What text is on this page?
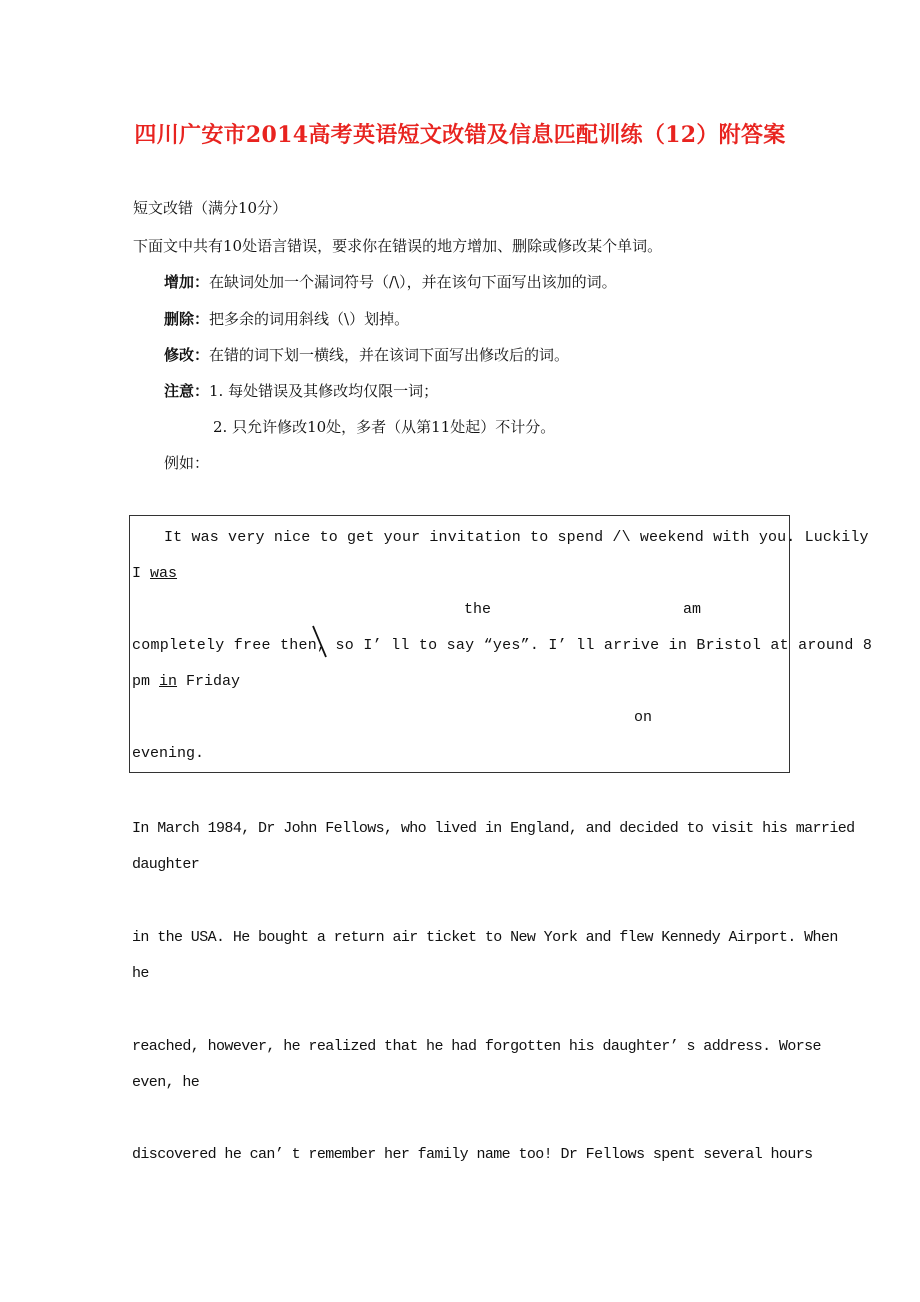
四川广安市2014高考英语短文改错及信息匹配训练（12）附答案
短文改错（满分10分）
下面文中共有10处语言错误，要求你在错误的地方增加、删除或修改某个单词。
增加：在缺词处加一个漏词符号（/\），并在该句下面写出该加的词。
删除：把多余的词用斜线（\）划掉。
修改：在错的词下划一横线，并在该词下面写出修改后的词。
注意：1. 每处错误及其修改均仅限一词；
2. 只允许修改10处，多者（从第11处起）不计分。
例如：
It was very nice to get your invitation to spend /\ weekend with you. Luckily
I was
the	am
completely free then, so I’ ll to say “yes”. I’ ll arrive in Bristol at around 8
pm in Friday
on
evening.
In March 1984, Dr John Fellows, who lived in England, and decided to visit his married
daughter
in the USA. He bought a return air ticket to New York and flew Kennedy Airport. When
he
reached, however, he realized that he had forgotten his daughter’ s address. Worse
even, he
discovered he can’ t remember her family name too! Dr Fellows spent several hours
